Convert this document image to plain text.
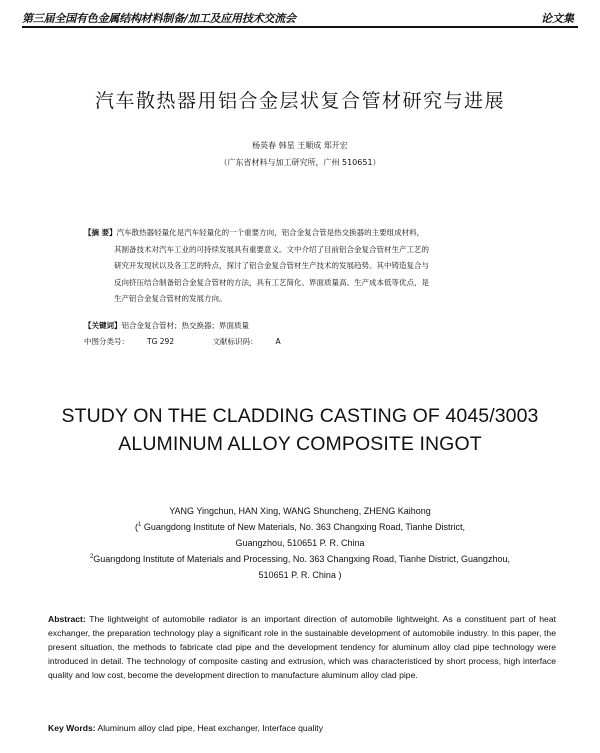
第三届全国有色金属结构材料制备/加工及应用技术交流会	论文集
汽车散热器用铝合金层状复合管材研究与进展
杨英春 韩星 王顺成 郑开宏
（广东省材料与加工研究所，广州 510651）
【摘 要】汽车散热器轻量化是汽车轻量化的一个重要方向，铝合金复合管是热交换器的主要组成材料，
其制备技术对汽车工业的可持续发展具有重要意义。文中介绍了目前铝合金复合管材生产工艺的
研究开发现状以及各工艺的特点，探讨了铝合金复合管材生产技术的发展趋势。其中铸造复合与
反向挤压结合制备铝合金复合管材的方法，具有工艺简化、界面质量高、生产成本低等优点，是
生产铝合金复合管材的发展方向。
【关键词】铝合金复合管材；热交换器；界面质量
中图分类号： TG 292	文献标识码： A
STUDY ON THE CLADDING CASTING OF 4045/3003
ALUMINUM ALLOY COMPOSITE INGOT
YANG Yingchun, HAN Xing, WANG Shuncheng, ZHENG Kaihong
($^1$ Guangdong Institute of New Materials, No. 363 Changxing Road, Tianhe District,
Guangzhou, 510651 P. R. China
$^2$Guangdong Institute of Materials and Processing, No. 363 Changxing Road, Tianhe District, Guangzhou,
510651 P. R. China )
Abstract: The lightweight of automobile radiator is an important direction of automobile lightweight. As a constituent part of heat exchanger, the preparation technology play a significant role in the sustainable development of automobile industry. In this paper, the present situation, the methods to fabricate clad pipe and the development tendency for aluminum alloy clad pipe technology were introduced in detail. The technology of composite casting and extrusion, which was characteristiced by short process, high interface quality and low cost, become the development direction to manufacture aluminum alloy clad pipe.
Key Words: Aluminum alloy clad pipe, Heat exchanger, Interface quality
